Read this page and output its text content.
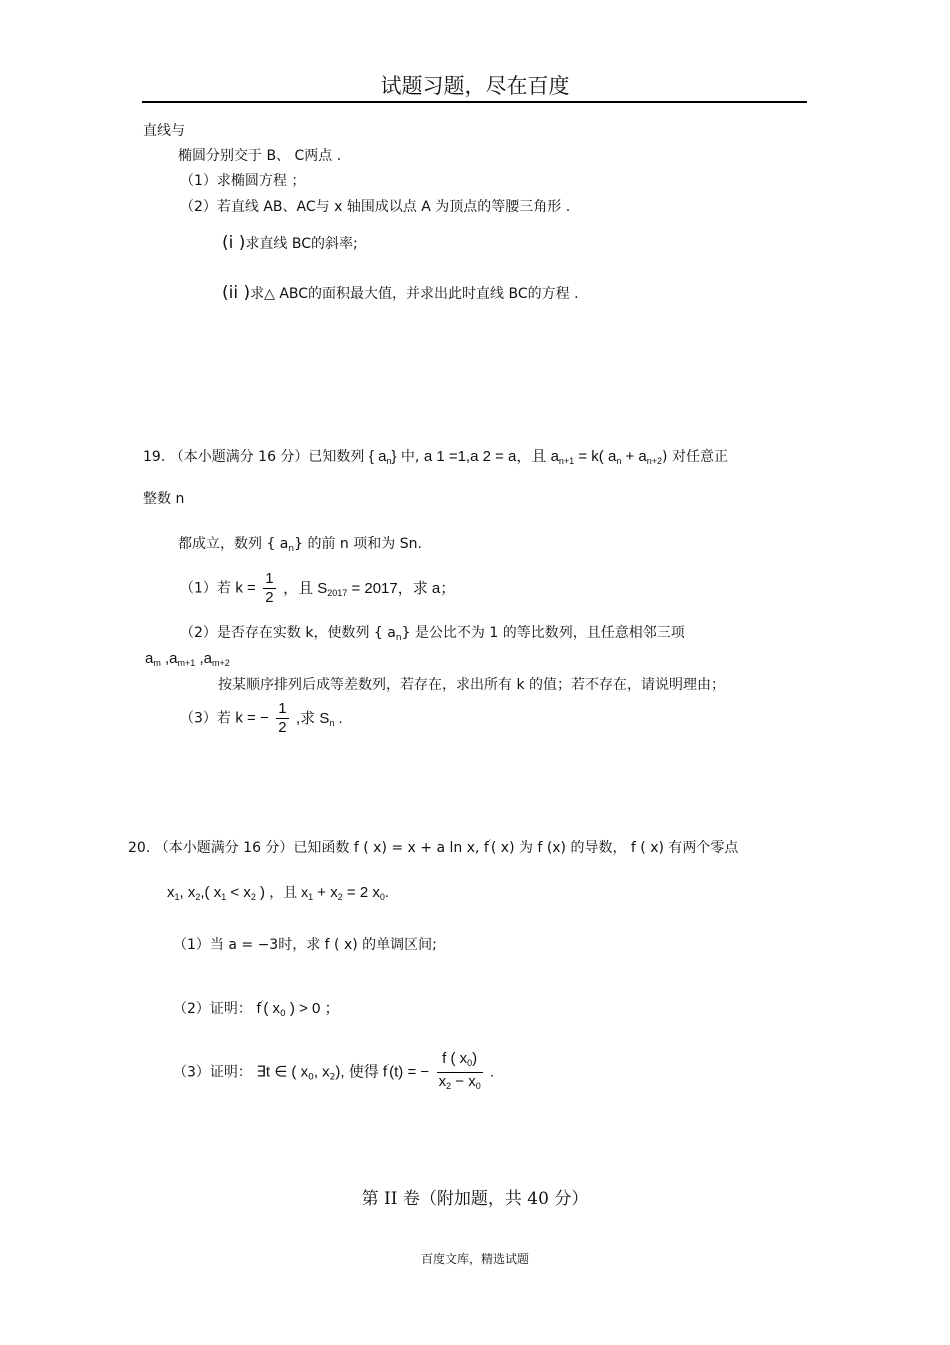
试题习题，尽在百度
直线与
椭圆分别交于 B、 C两点 .
（1）求椭圆方程 ；
（2）若直线 AB、AC与 x 轴围成以点 A 为顶点的等腰三角形 .
(i )求直线 BC的斜率;
(ii )求△ ABC的面积最大值，并求出此时直线 BC的方程 .
19. （本小题满分 16 分）已知数列 { $a_n$} 中, a 1 =1,a 2 = a，且 $a_{n+1} = k$( $a_n + a_{n+2}$) 对任意正
整数 n
都成立，数列 { $a_n$} 的前 n 项和为 Sn.
（1）若 $k = \frac{1}{2}$ ，且 $S_{2017} = 2017$，求 a；
（2）是否存在实数 k，使数列 { $a_n$} 是公比不为 1 的等比数列，且任意相邻三项
$a_m$ $,a_{m+1}$ $,a_{m+2}$
按某顺序排列后成等差数列，若存在，求出所有 k 的值；若不存在，请说明理由；
（3）若 k = − $\frac{1}{2}$ ,求 $S_n$ .
20. （本小题满分 16 分）已知函数 f ( x) = x + a ln x, f′( x) 为 f (x) 的导数， f ( x) 有两个零点
$x_1$, $x_2$,( $x_1 < x_2$ ) ，且 $x_1 + x_2 = 2$ $x_0$.
（1）当 a = −3时，求 f ( x) 的单调区间;
（2）证明： f′( $x_0$ ) > 0 ；
（3）证明： ∃t ∈ ( $x_0$, $x_2$), 使得 f′(t) = − $\frac{f ( x_0)}{x_2 - x_0}$ .
第 II 卷（附加题，共 40 分）
百度文库，精选试题
